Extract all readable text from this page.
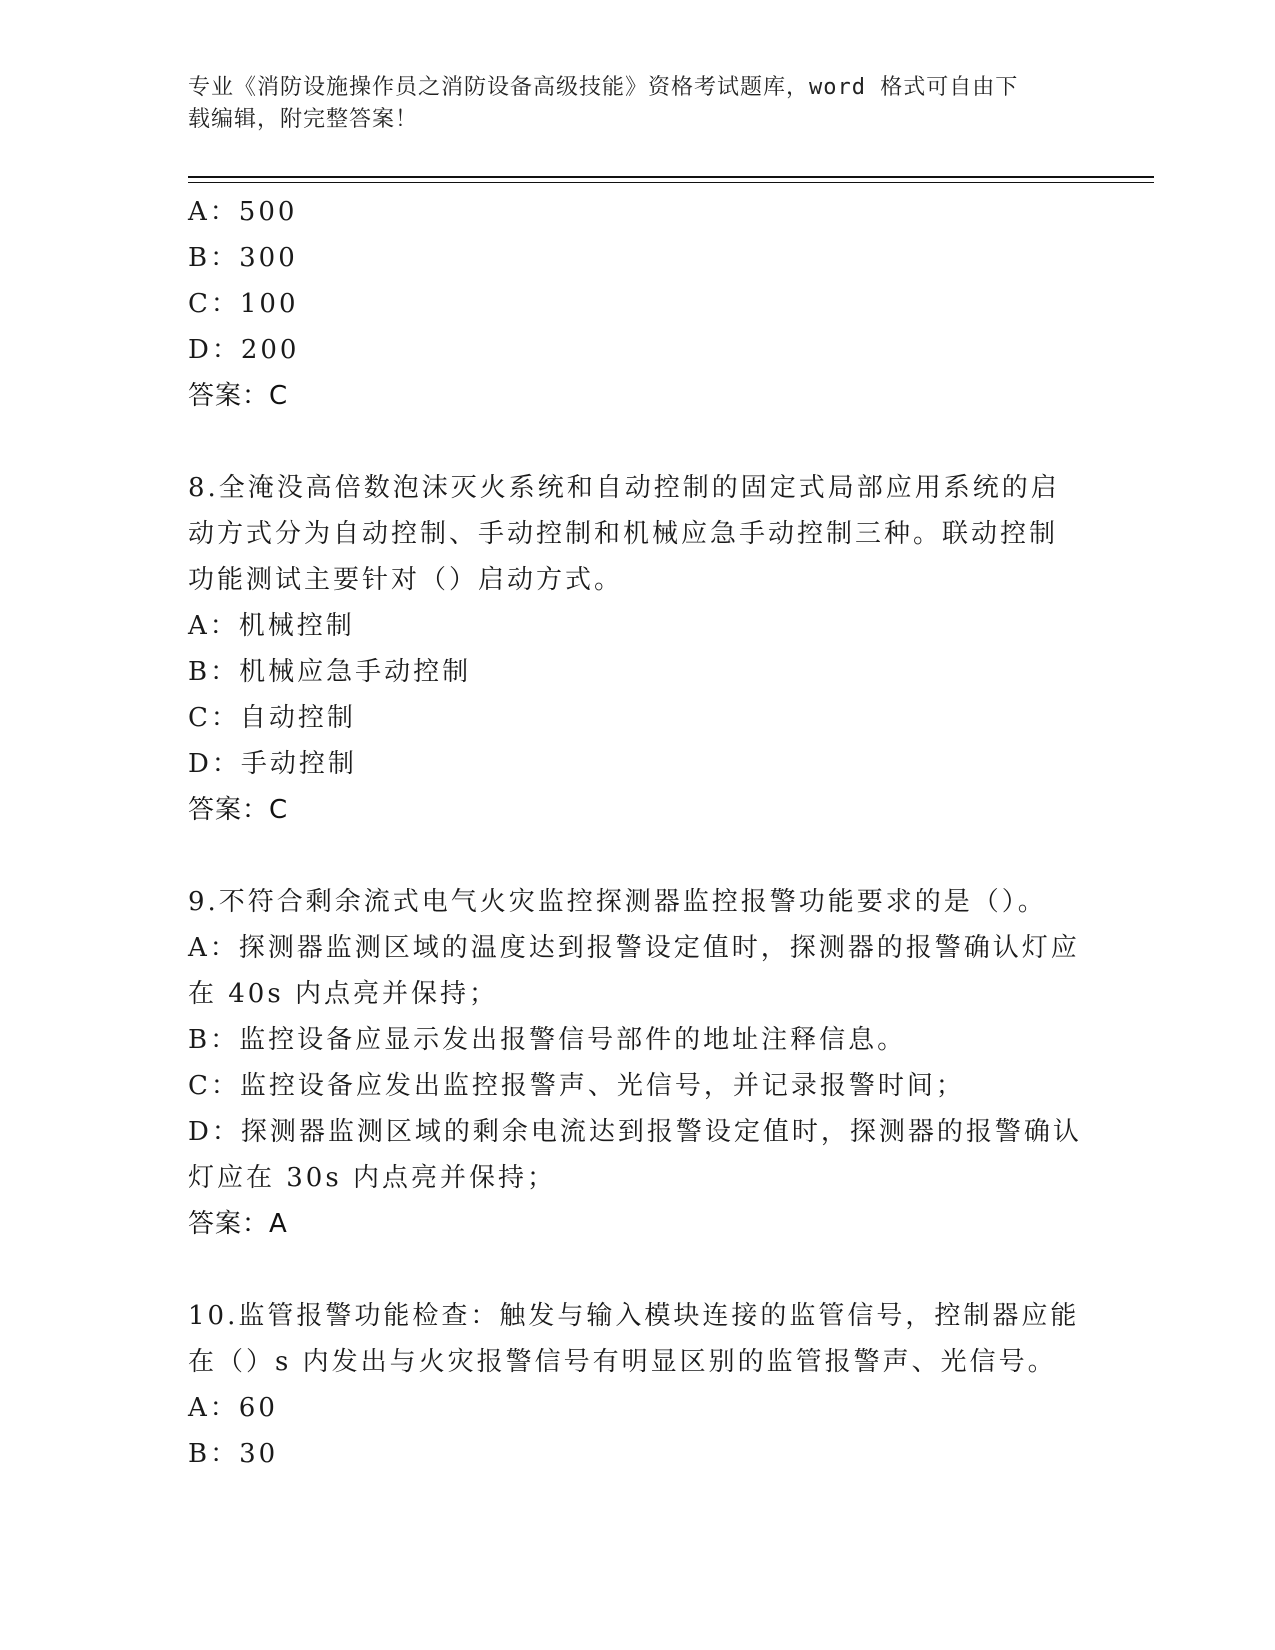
专业《消防设施操作员之消防设备高级技能》资格考试题库，word 格式可自由下
载编辑，附完整答案！
A：500
B：300
C：100
D：200
答案：C
8.全淹没高倍数泡沫灭火系统和自动控制的固定式局部应用系统的启
动方式分为自动控制、手动控制和机械应急手动控制三种。联动控制
功能测试主要针对（）启动方式。
A：机械控制
B：机械应急手动控制
C：自动控制
D：手动控制
答案：C
9.不符合剩余流式电气火灾监控探测器监控报警功能要求的是（）。
A：探测器监测区域的温度达到报警设定值时，探测器的报警确认灯应
在 40s 内点亮并保持；
B：监控设备应显示发出报警信号部件的地址注释信息。
C：监控设备应发出监控报警声、光信号，并记录报警时间；
D：探测器监测区域的剩余电流达到报警设定值时，探测器的报警确认
灯应在 30s 内点亮并保持；
答案：A
10.监管报警功能检查：触发与输入模块连接的监管信号，控制器应能
在（）s 内发出与火灾报警信号有明显区别的监管报警声、光信号。
A：60
B：30
